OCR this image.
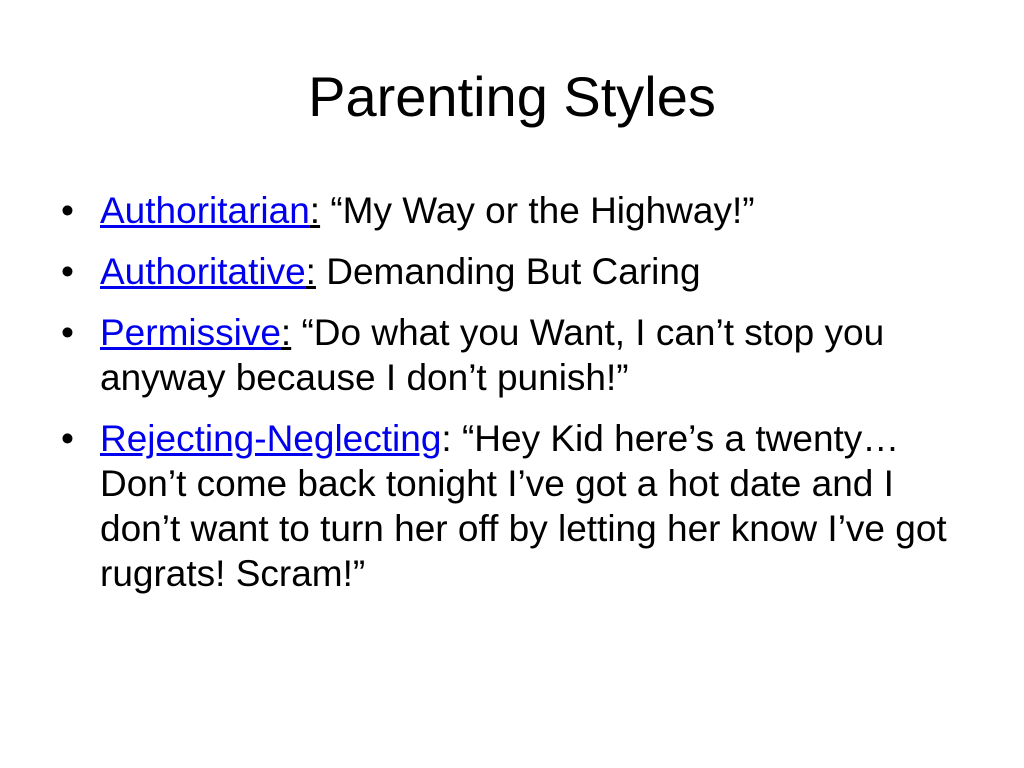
Parenting Styles
• Authoritarian: “My Way or the Highway!”
• Authoritative: Demanding But Caring
• Permissive: “Do what you Want, I can’t stop you anyway because I don’t punish!”
• Rejecting-Neglecting: “Hey Kid here’s a twenty…Don’t come back tonight I’ve got a hot date and I don’t want to turn her off by letting her know I’ve got rugrats! Scram!”
